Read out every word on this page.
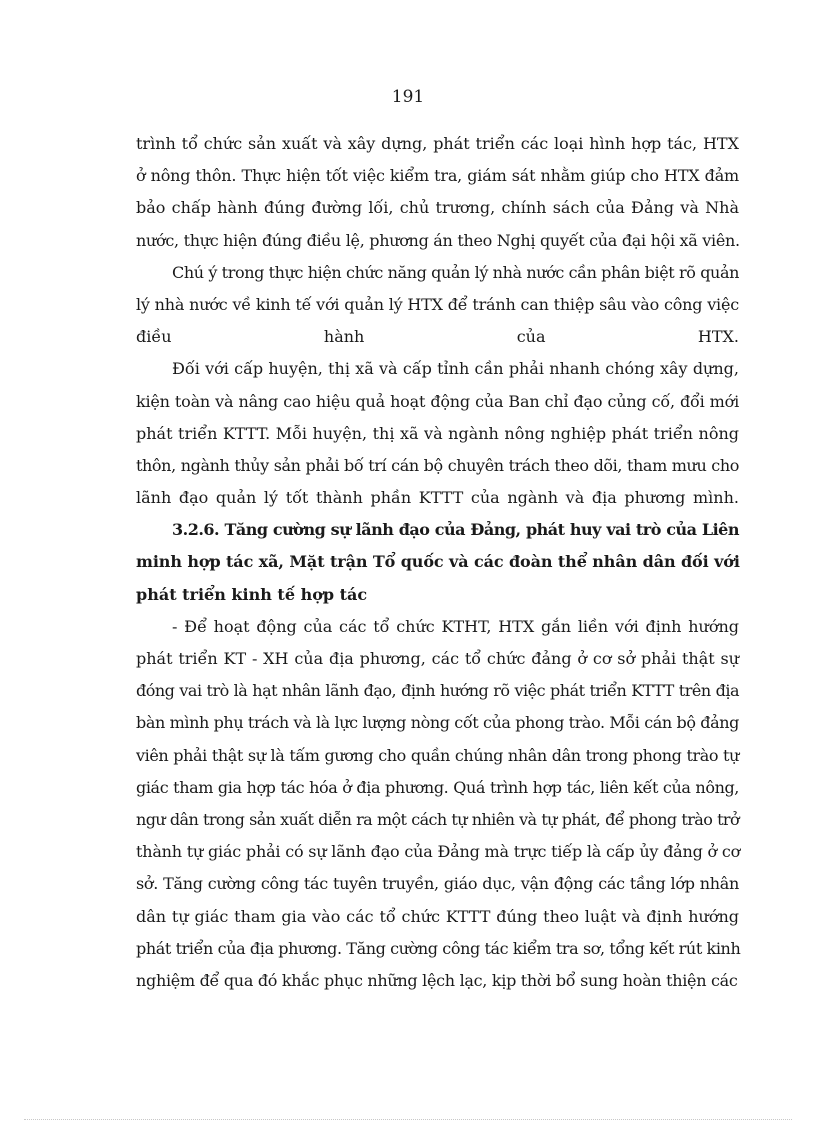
191
trình tổ chức sản xuất và xây dựng, phát triển các loại hình hợp tác, HTX
ở nông thôn. Thực hiện tốt việc kiểm tra, giám sát nhằm giúp cho HTX đảm
bảo chấp hành đúng đường lối, chủ trương, chính sách của Đảng và Nhà
nước, thực hiện đúng điều lệ, phương án theo Nghị quyết của đại hội xã viên.
Chú ý trong thực hiện chức năng quản lý nhà nước cần phân biệt rõ quản
lý nhà nước về kinh tế với quản lý HTX để tránh can thiệp sâu vào công việc
điều hành của HTX.
Đối với cấp huyện, thị xã và cấp tỉnh cần phải nhanh chóng xây dựng,
kiện toàn và nâng cao hiệu quả hoạt động của Ban chỉ đạo củng cố, đổi mới
phát triển KTTT. Mỗi huyện, thị xã và ngành nông nghiệp phát triển nông
thôn, ngành thủy sản phải bố trí cán bộ chuyên trách theo dõi, tham mưu cho
lãnh đạo quản lý tốt thành phần KTTT của ngành và địa phương mình.
3.2.6. Tăng cường sự lãnh đạo của Đảng, phát huy vai trò của Liên
minh hợp tác xã, Mặt trận Tổ quốc và các đoàn thể nhân dân đối với
phát triển kinh tế hợp tác
- Để hoạt động của các tổ chức KTHT, HTX gắn liền với định hướng
phát triển KT - XH của địa phương, các tổ chức đảng ở cơ sở phải thật sự
đóng vai trò là hạt nhân lãnh đạo, định hướng rõ việc phát triển KTTT trên địa
bàn mình phụ trách và là lực lượng nòng cốt của phong trào. Mỗi cán bộ đảng
viên phải thật sự là tấm gương cho quần chúng nhân dân trong phong trào tự
giác tham gia hợp tác hóa ở địa phương. Quá trình hợp tác, liên kết của nông,
ngư dân trong sản xuất diễn ra một cách tự nhiên và tự phát, để phong trào trở
thành tự giác phải có sự lãnh đạo của Đảng mà trực tiếp là cấp ủy đảng ở cơ
sở. Tăng cường công tác tuyên truyền, giáo dục, vận động các tầng lớp nhân
dân tự giác tham gia vào các tổ chức KTTT đúng theo luật và định hướng
phát triển của địa phương. Tăng cường công tác kiểm tra sơ, tổng kết rút kinh
nghiệm để qua đó khắc phục những lệch lạc, kịp thời bổ sung hoàn thiện các
